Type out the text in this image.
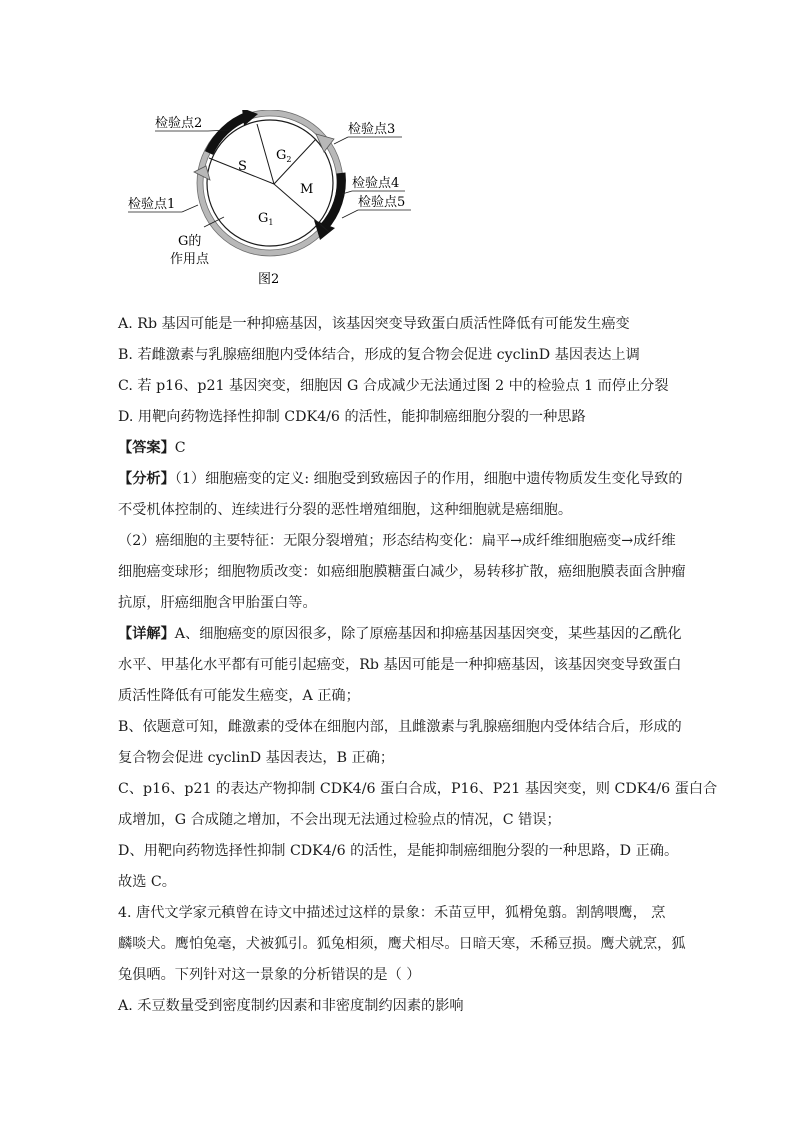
S
$G_2$
M
$G_1$
检验点2	检验点3
检验点4
检验点5
检验点1
G的
作用点
图2
A. Rb 基因可能是一种抑癌基因，该基因突变导致蛋白质活性降低有可能发生癌变
B. 若雌激素与乳腺癌细胞内受体结合，形成的复合物会促进 cyclinD 基因表达上调
C. 若 p16、p21 基因突变，细胞因 G 合成减少无法通过图 2 中的检验点 1 而停止分裂
D. 用靶向药物选择性抑制 CDK4/6 的活性，能抑制癌细胞分裂的一种思路
【答案】C
【分析】（1）细胞癌变的定义: 细胞受到致癌因子的作用，细胞中遗传物质发生变化导致的
不受机体控制的、连续进行分裂的恶性增殖细胞，这种细胞就是癌细胞。
（2）癌细胞的主要特征：无限分裂增殖；形态结构变化：扁平→成纤维细胞癌变→成纤维
细胞癌变球形；细胞物质改变：如癌细胞膜糖蛋白减少，易转移扩散，癌细胞膜表面含肿瘤
抗原，肝癌细胞含甲胎蛋白等。
【详解】A、细胞癌变的原因很多，除了原癌基因和抑癌基因基因突变，某些基因的乙酰化
水平、甲基化水平都有可能引起癌变，Rb 基因可能是一种抑癌基因，该基因突变导致蛋白
质活性降低有可能发生癌变，A 正确；
B、依题意可知，雌激素的受体在细胞内部，且雌激素与乳腺癌细胞内受体结合后，形成的
复合物会促进 cyclinD 基因表达，B 正确；
C、p16、p21 的表达产物抑制 CDK4/6 蛋白合成，P16、P21 基因突变，则 CDK4/6 蛋白合
成增加，G 合成随之增加，不会出现无法通过检验点的情况，C 错误；
D、用靶向药物选择性抑制 CDK4/6 的活性，是能抑制癌细胞分裂的一种思路，D 正确。
故选 C。
4. 唐代文学家元稹曾在诗文中描述过这样的景象：禾苗豆甲，狐榾兔翦。割鹄喂鹰， 烹
麟啖犬。鹰怕兔毫，犬被狐引。狐兔相须，鹰犬相尽。日暗天寒，禾稀豆损。鹰犬就烹，狐
兔俱哂。下列针对这一景象的分析错误的是（ ）
A. 禾豆数量受到密度制约因素和非密度制约因素的影响
